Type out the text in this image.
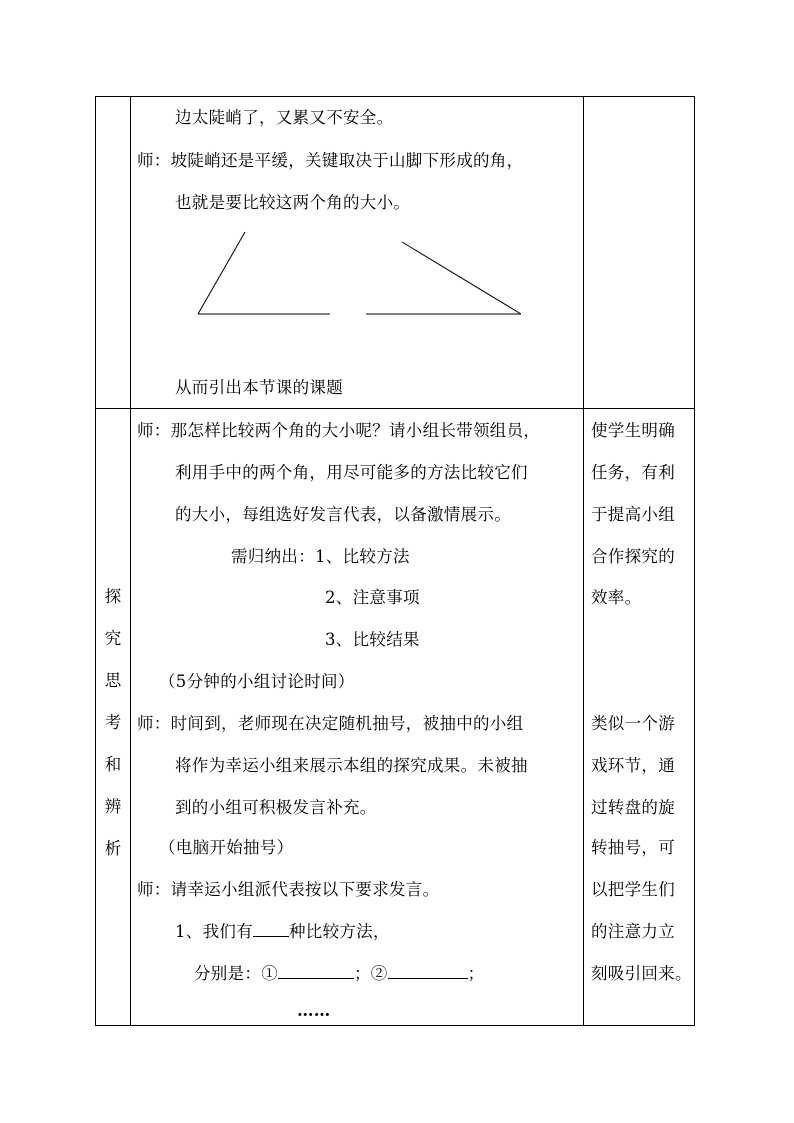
边太陡峭了，又累又不安全。
师：坡陡峭还是平缓，关键取决于山脚下形成的角，
也就是要比较这两个角的大小。
从而引出本节课的课题
探
究
思
考
和
辨
析
师：那怎样比较两个角的大小呢？请小组长带领组员，
利用手中的两个角，用尽可能多的方法比较它们
的大小，每组选好发言代表，以备激情展示。
需归纳出：1、比较方法
2、注意事项
3、比较结果
（5分钟的小组讨论时间）
师：时间到，老师现在决定随机抽号，被抽中的小组
将作为幸运小组来展示本组的探究成果。未被抽
到的小组可积极发言补充。
（电脑开始抽号）
师：请幸运小组派代表按以下要求发言。
1、我们有 种比较方法，
分别是：①	；②	；
……
使学生明确
任务，有利
于提高小组
合作探究的
效率。
类似一个游
戏环节，通
过转盘的旋
转抽号，可
以把学生们
的注意力立
刻吸引回来。
